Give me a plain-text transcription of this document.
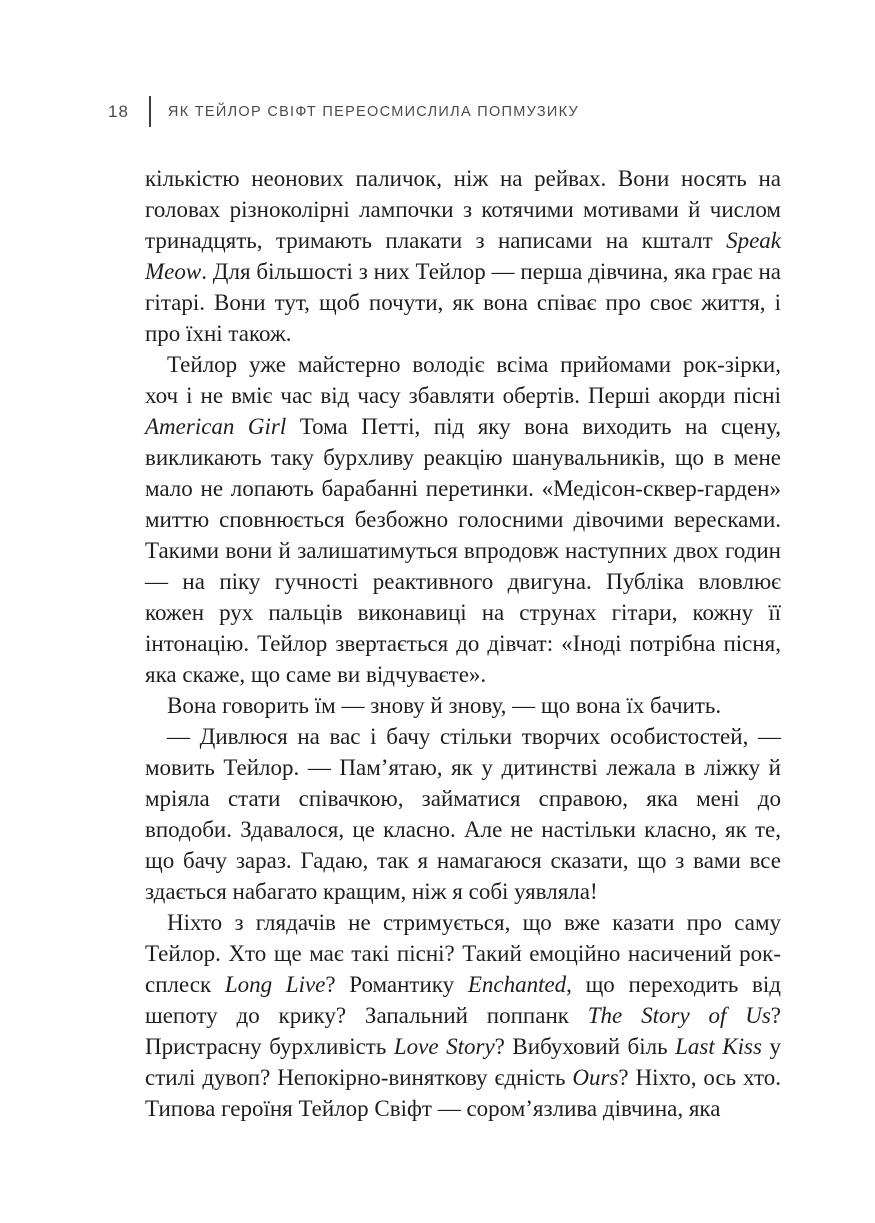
18	ЯК ТЕЙЛОР СВІФТ ПЕРЕОСМИСЛИЛА ПОПМУЗИКУ

кількістю неонових паличок, ніж на рейвах. Вони носять на головах різноколірні лампочки з котячими мотивами й числом тринадцять, тримають плакати з написами на кшталт Speak Meow. Для більшості з них Тейлор — перша дівчина, яка грає на гітарі. Вони тут, щоб почути, як вона співає про своє життя, і про їхні також.

Тейлор уже майстерно володіє всіма прийомами рок-зірки, хоч і не вміє час від часу збавляти обертів. Перші акорди пісні American Girl Тома Петті, під яку вона виходить на сцену, викликають таку бурхливу реакцію шанувальників, що в мене мало не лопають барабанні перетинки. «Медісон-сквер-гарден» миттю сповнюється безбожно голосними дівочими вересками. Такими вони й залишатимуться впродовж наступних двох годин — на піку гучності реактивного двигуна. Публіка вловлює кожен рух пальців виконавиці на струнах гітари, кожну її інтонацію. Тейлор звертається до дівчат: «Іноді потрібна пісня, яка скаже, що саме ви відчуваєте».

Вона говорить їм — знову й знову, — що вона їх бачить.

— Дивлюся на вас і бачу стільки творчих особистостей, — мовить Тейлор. — Пам’ятаю, як у дитинстві лежала в ліжку й мріяла стати співачкою, займатися справою, яка мені до вподоби. Здавалося, це класно. Але не настільки класно, як те, що бачу зараз. Гадаю, так я намагаюся сказати, що з вами все здається набагато кращим, ніж я собі уявляла!

Ніхто з глядачів не стримується, що вже казати про саму Тейлор. Хто ще має такі пісні? Такий емоційно насичений рок-сплеск Long Live? Романтику Enchanted, що переходить від шепоту до крику? Запальний поппанк The Story of Us? Пристрасну бурхливість Love Story? Вибуховий біль Last Kiss у стилі дувоп? Непокірно-виняткову єдність Ours? Ніхто, ось хто. Типова героїня Тейлор Свіфт — сором’язлива дівчина, яка
